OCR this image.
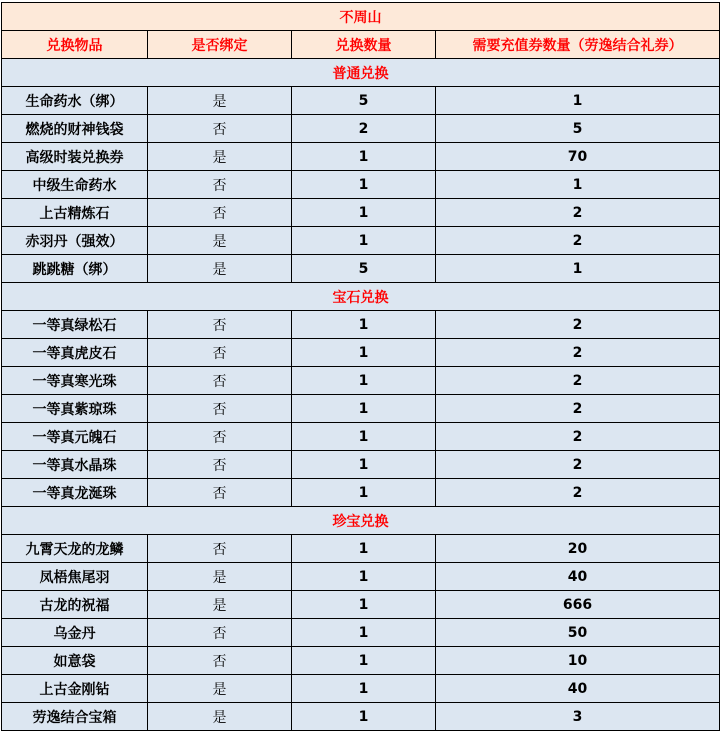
不周山			
兑换物品	是否绑定	兑换数量	需要充值券数量（劳逸结合礼券）
普通兑换			
生命药水（绑）	是	5	1
燃烧的财神钱袋	否	2	5
高级时装兑换券	是	1	70
中级生命药水	否	1	1
上古精炼石	否	1	2
赤羽丹（强效）	是	1	2
跳跳糖（绑）	是	5	1
宝石兑换			
一等真绿松石	否	1	2
一等真虎皮石	否	1	2
一等真寒光珠	否	1	2
一等真紫琼珠	否	1	2
一等真元魄石	否	1	2
一等真水晶珠	否	1	2
一等真龙涎珠	否	1	2
珍宝兑换			
九霄天龙的龙鳞	否	1	20
凤梧焦尾羽	是	1	40
古龙的祝福	是	1	666
乌金丹	否	1	50
如意袋	否	1	10
上古金刚钻	是	1	40
劳逸结合宝箱	是	1	3
